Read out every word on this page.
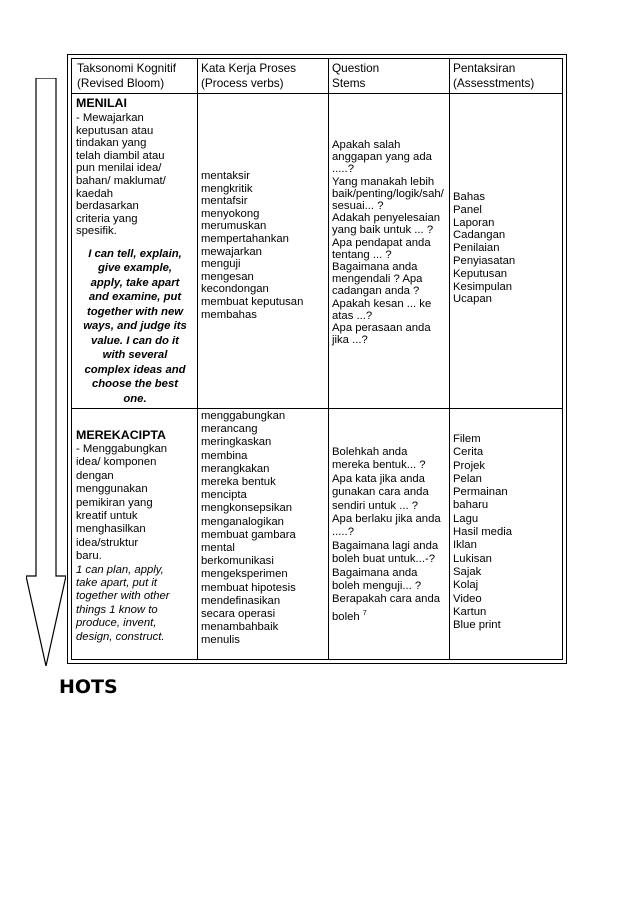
Taksonomi Kognitif
(Revised Bloom)
Kata Kerja Proses
(Process verbs)
Question
Stems
Pentaksiran
(Assesstments)
MENILAI
- Mewajarkan
keputusan atau
tindakan yang
telah diambil atau
pun menilai idea/
bahan/ maklumat/
kaedah
berdasarkan
criteria yang
spesifik.
I can tell, explain,
give example,
apply, take apart
and examine, put
together with new
ways, and judge its
value. I can do it
with several
complex ideas and
choose the best
one.
mentaksir
mengkritik
mentafsir
menyokong
merumuskan
mempertahankan
mewajarkan
menguji
mengesan
kecondongan
membuat keputusan
membahas
Apakah salah
anggapan yang ada
.....?
Yang manakah lebih
baik/penting/logik/sah/
sesuai... ?
Adakah penyelesaian
yang baik untuk ... ?
Apa pendapat anda
tentang ... ?
Bagaimana anda
mengendali ? Apa
cadangan anda ?
Apakah kesan ... ke
atas ...?
Apa perasaan anda
jika ...?
Bahas
Panel
Laporan
Cadangan
Penilaian
Penyiasatan
Keputusan
Kesimpulan
Ucapan
MEREKACIPTA
- Menggabungkan
idea/ komponen
dengan
menggunakan
pemikiran yang
kreatif untuk
menghasilkan
idea/struktur
baru.
1 can plan, apply,
take apart, put it
together with other
things 1 know to
produce, invent,
design, construct.
menggabungkan
merancang
meringkaskan
membina
merangkakan
mereka bentuk
mencipta
mengkonsepsikan
menganalogikan
membuat gambara
mental
berkomunikasi
mengeksperimen
membuat hipotesis
mendefinasikan
secara operasi
menambahbaik
menulis
Bolehkah anda
mereka bentuk... ?
Apa kata jika anda
gunakan cara anda
sendiri untuk ... ?
Apa berlaku jika anda
.....?
Bagaimana lagi anda
boleh buat untuk...-?
Bagaimana anda
boleh menguji... ?
Berapakah cara anda
boleh $^7$
Filem
Cerita
Projek
Pelan
Permainan
baharu
Lagu
Hasil media
Iklan
Lukisan
Sajak
Kolaj
Video
Kartun
Blue print
HOTS
